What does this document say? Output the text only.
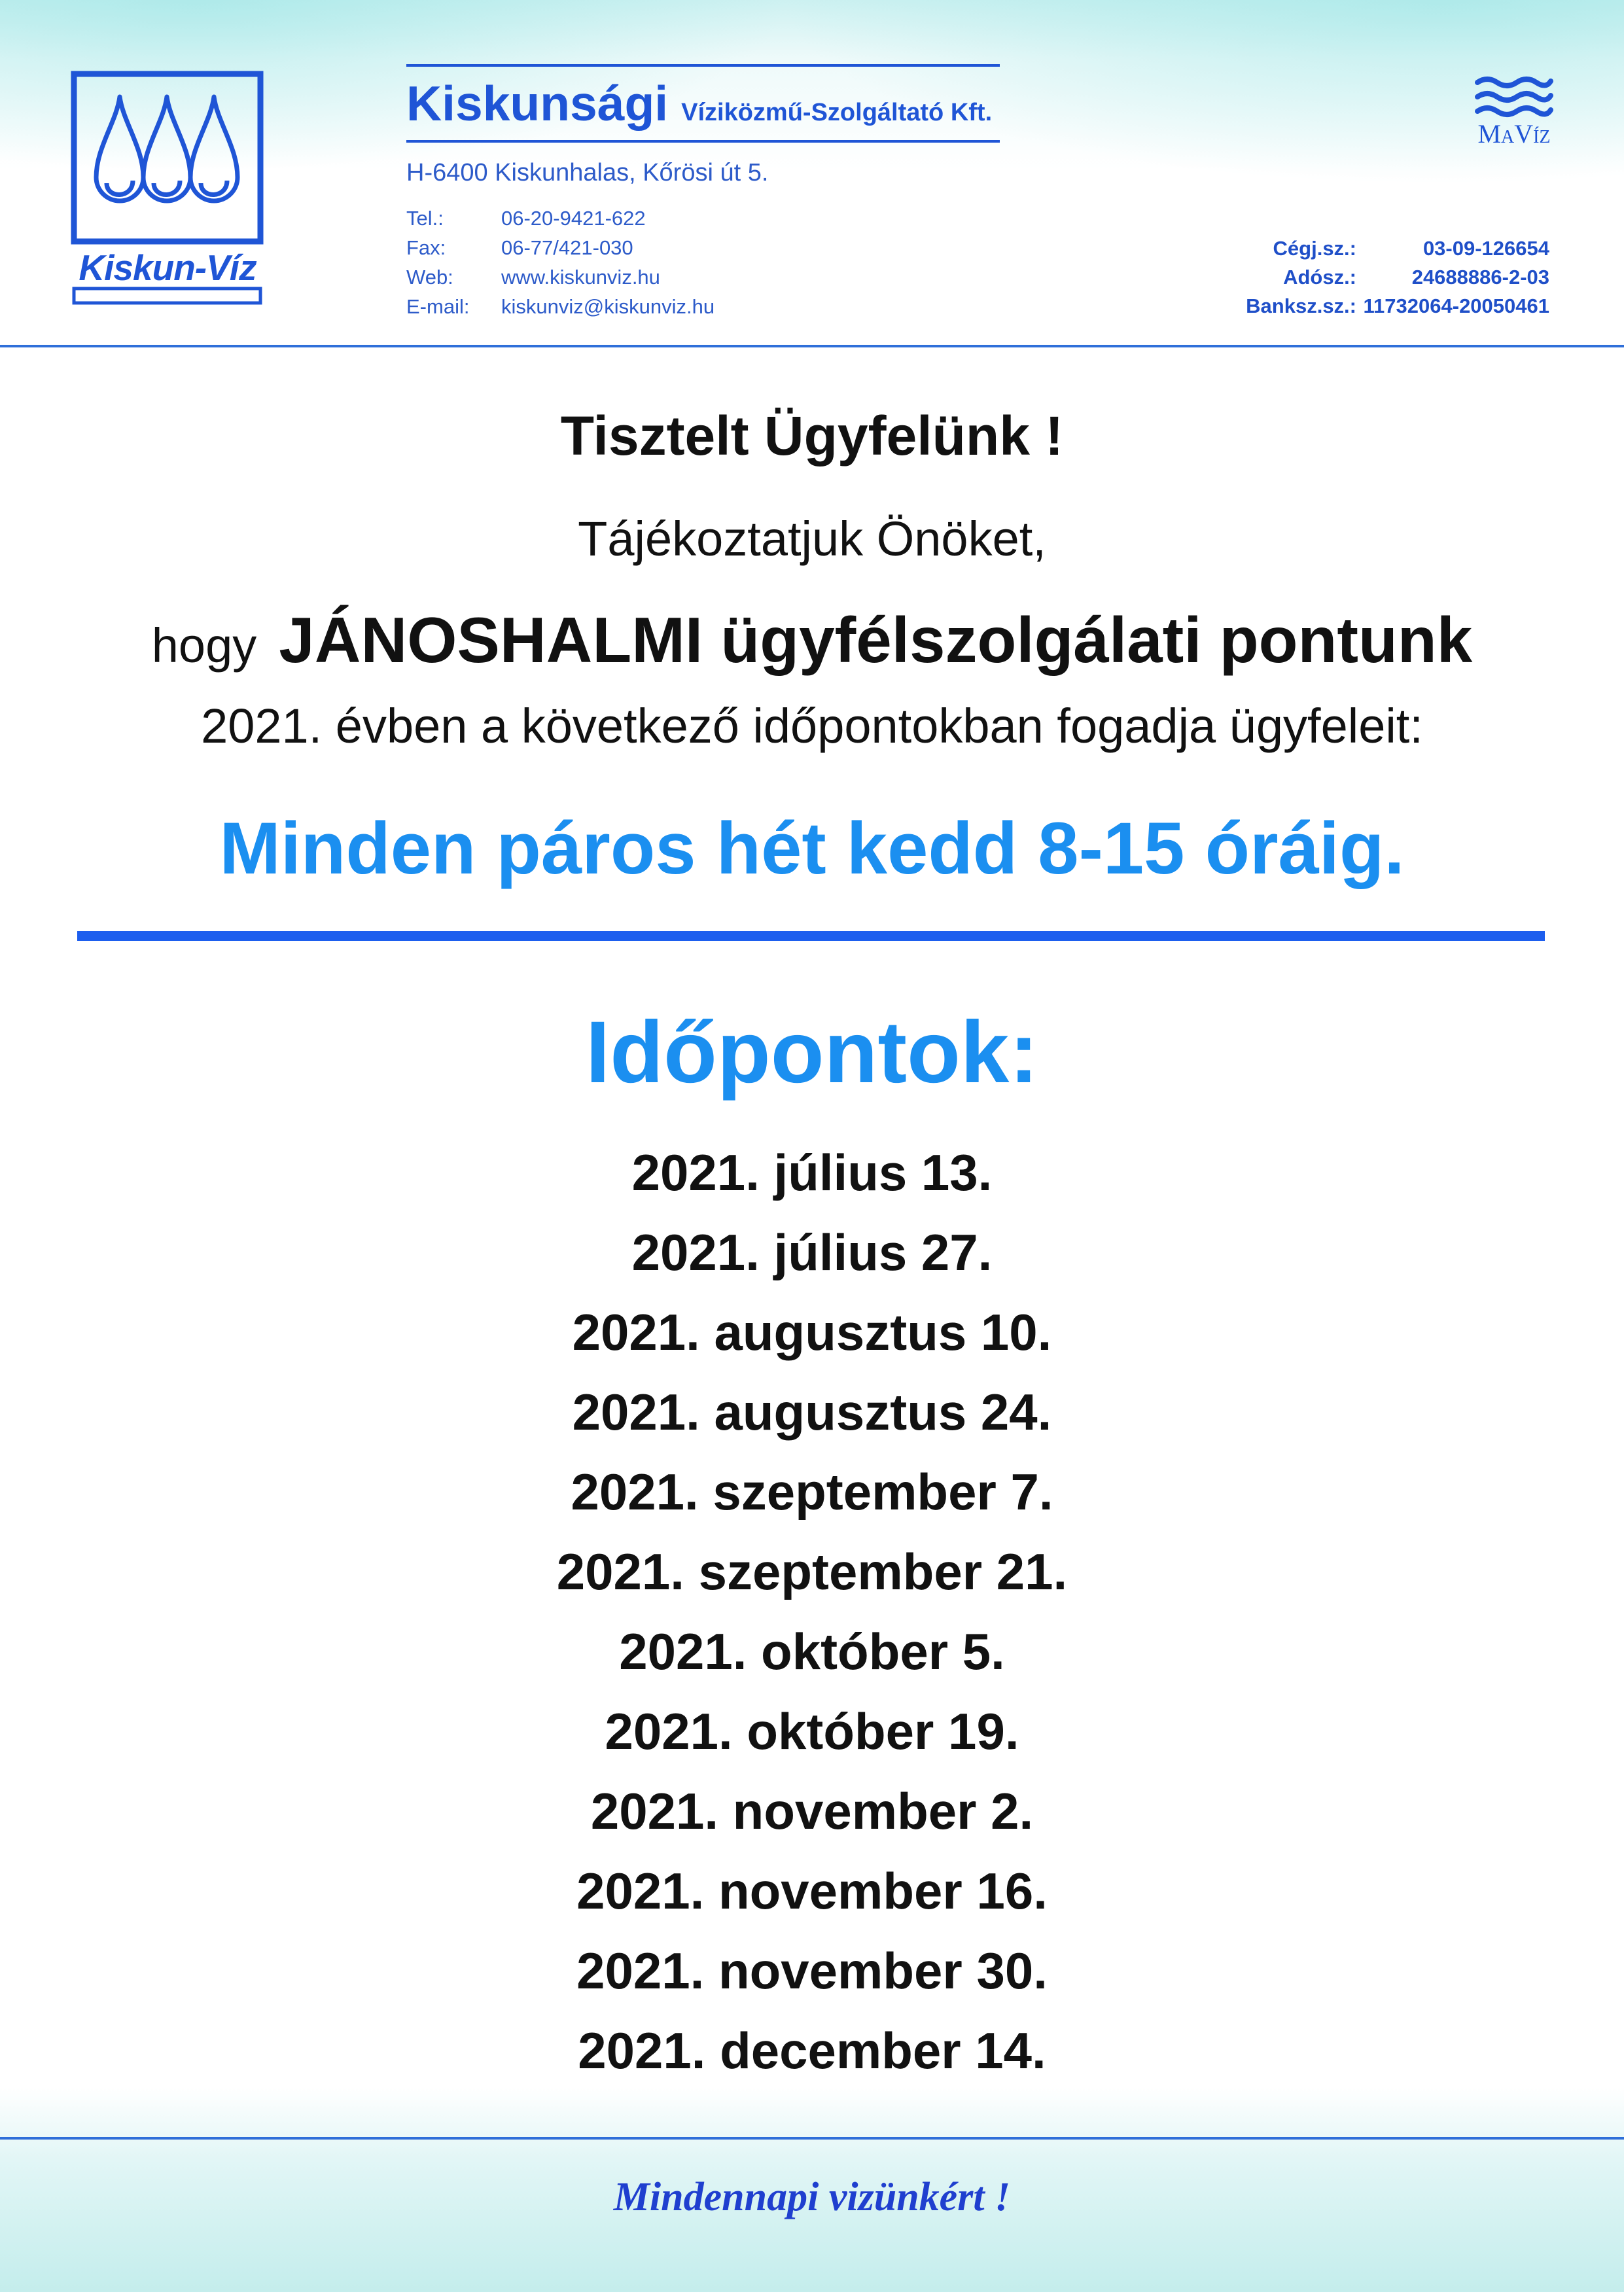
Kiskun-Víz
Kiskunsági Víziközmű-Szolgáltató Kft.
H-6400 Kiskunhalas, Kőrösi út 5.
Tel.:	06-20-9421-622
Fax:	06-77/421-030
Web: www.kiskunviz.hu
E-mail: kiskunviz@kiskunviz.hu
MaVíz
Cégj.sz.:	03-09-126654
Adósz.:	24688886-2-03
Banksz.sz.: 11732064-20050461
Tisztelt Ügyfelünk !
Tájékoztatjuk Önöket,
hogy JÁNOSHALMI ügyfélszolgálati pontunk
2021. évben a következő időpontokban fogadja ügyfeleit:
Minden páros hét kedd 8-15 óráig.
Időpontok:
2021. július 13.
2021. július 27.
2021. augusztus 10.
2021. augusztus 24.
2021. szeptember 7.
2021. szeptember 21.
2021. október 5.
2021. október 19.
2021. november 2.
2021. november 16.
2021. november 30.
2021. december 14.
Mindennapi vizünkért !
